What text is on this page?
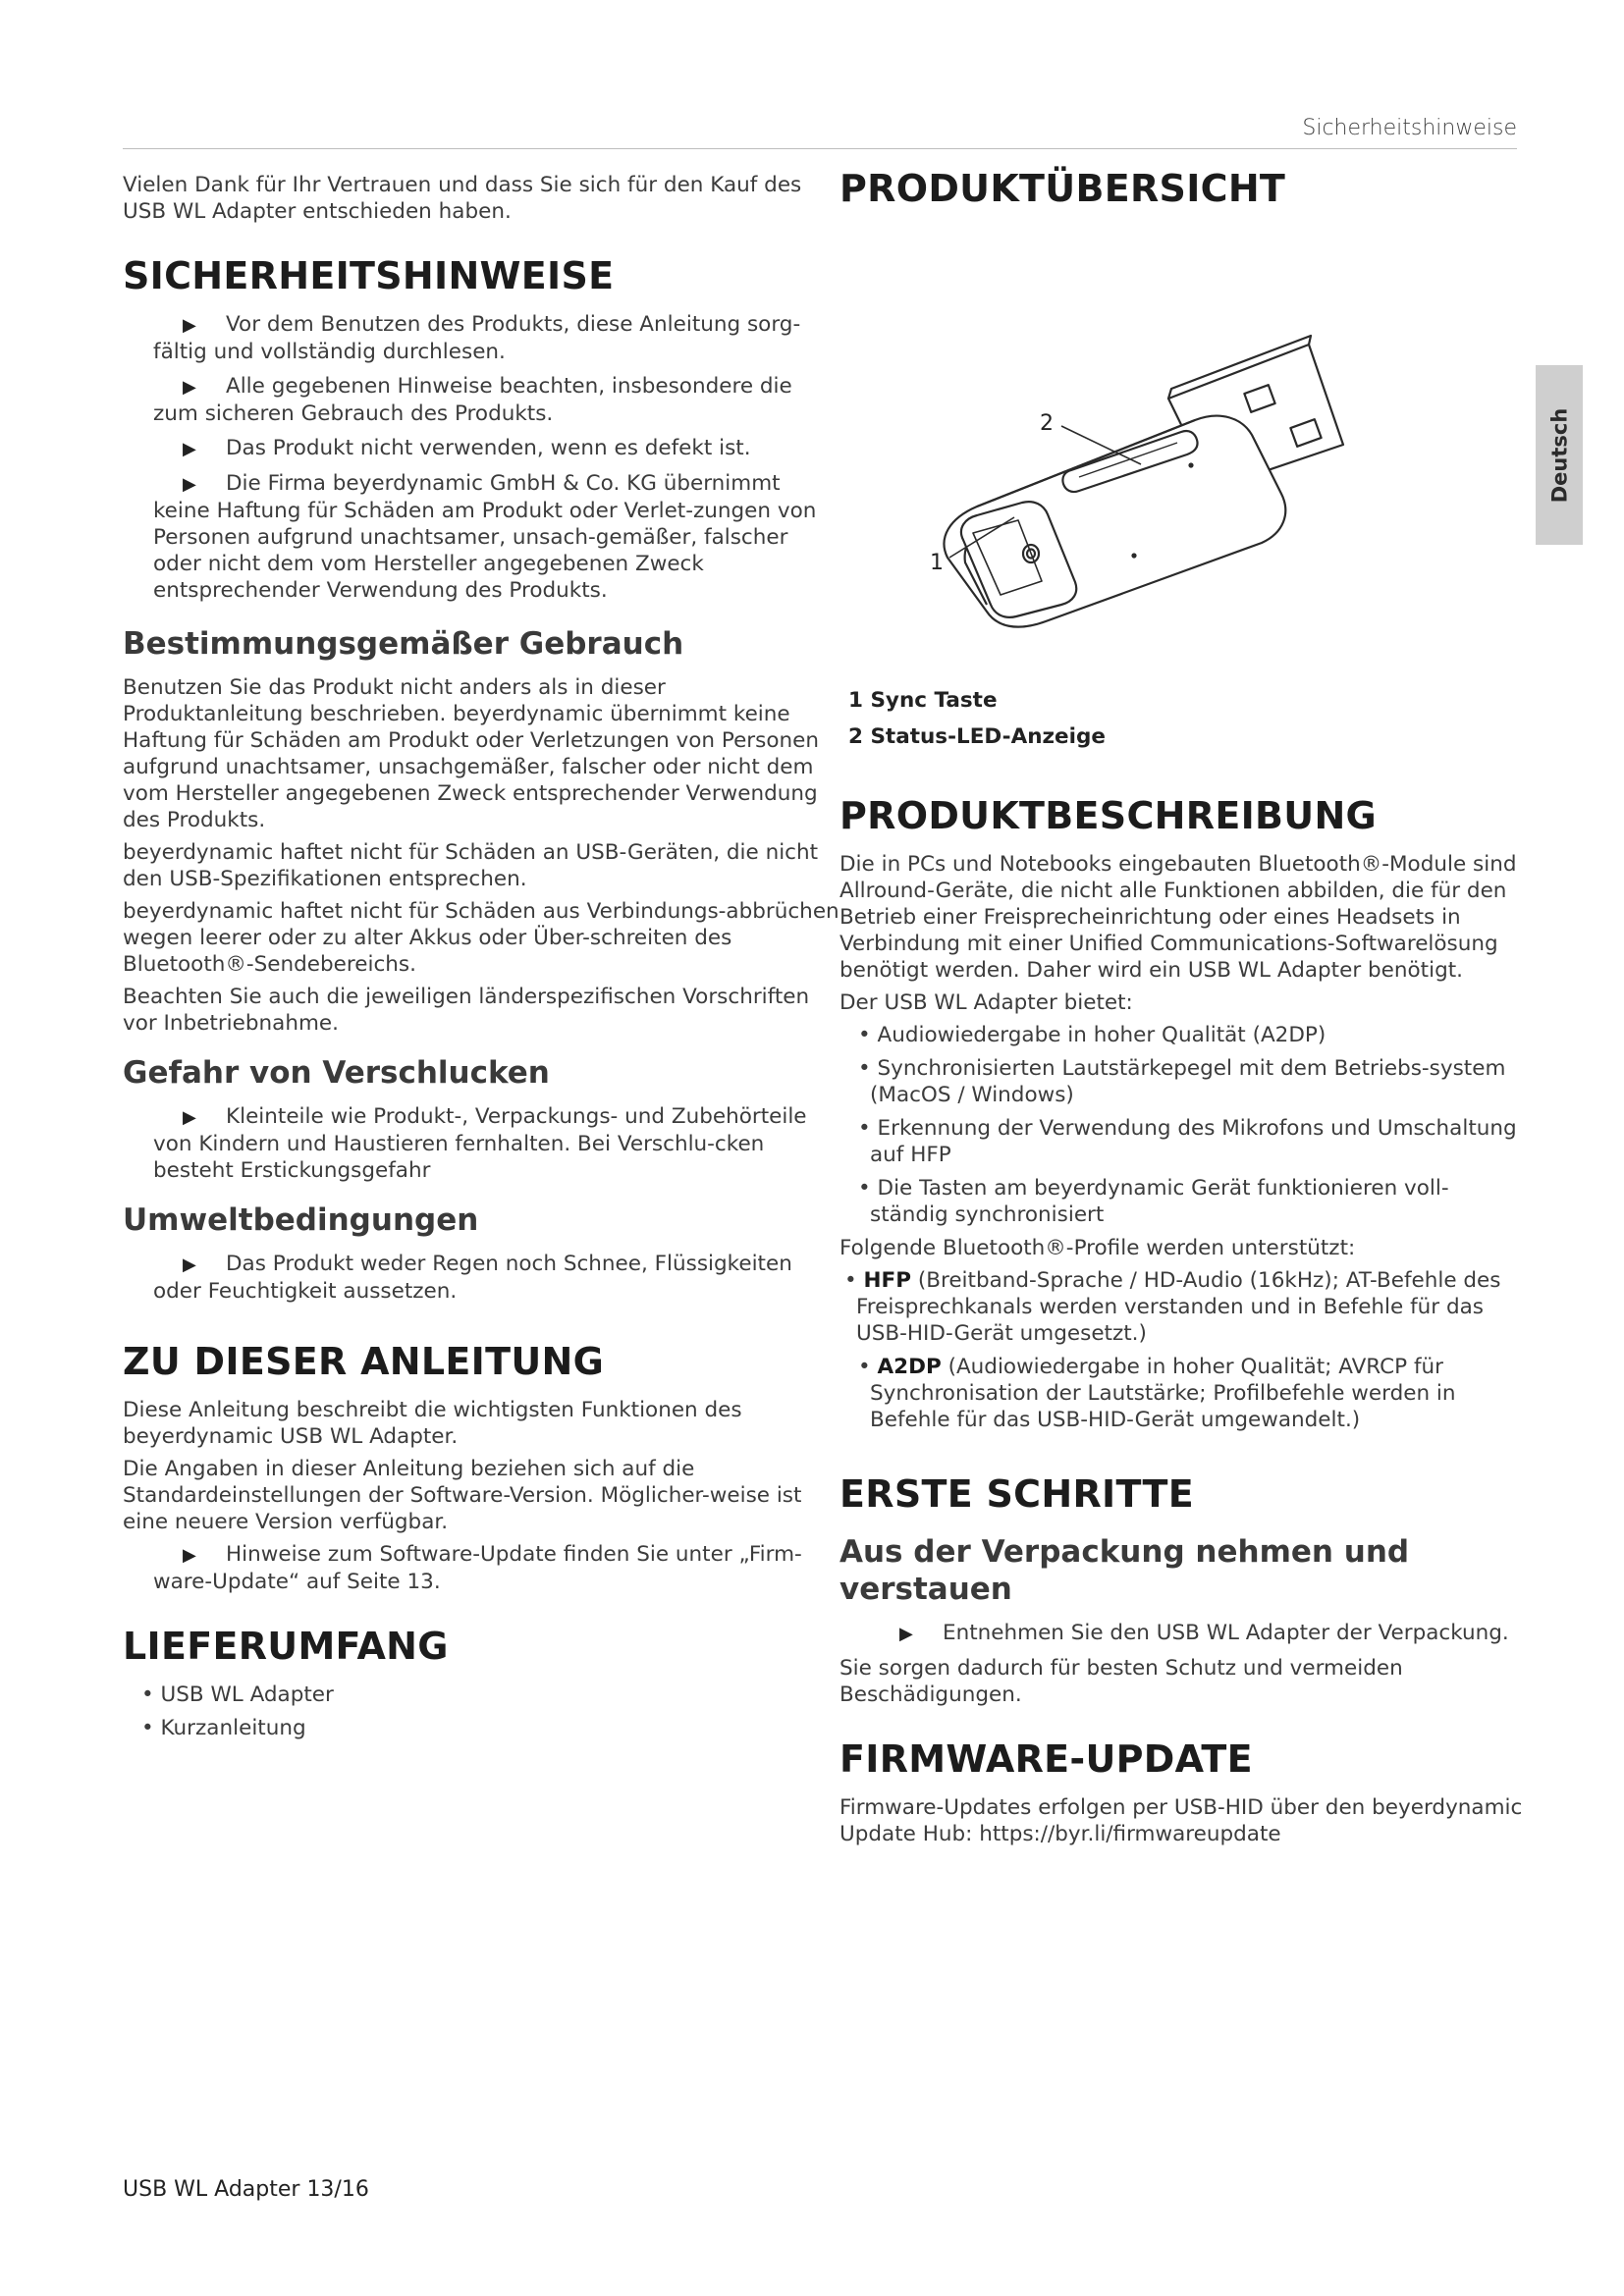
Sicherheitshinweise
Deutsch

Vielen Dank für Ihr Vertrauen und dass Sie sich für den Kauf des USB WL Adapter entschieden haben.

SICHERHEITSHINWEISE
▶ Vor dem Benutzen des Produkts, diese Anleitung sorg-fältig und vollständig durchlesen.
▶ Alle gegebenen Hinweise beachten, insbesondere die zum sicheren Gebrauch des Produkts.
▶ Das Produkt nicht verwenden, wenn es defekt ist.
▶ Die Firma beyerdynamic GmbH & Co. KG übernimmt keine Haftung für Schäden am Produkt oder Verlet-zungen von Personen aufgrund unachtsamer, unsach-gemäßer, falscher oder nicht dem vom Hersteller angegebenen Zweck entsprechender Verwendung des Produkts.
Bestimmungsgemäßer Gebrauch

Benutzen Sie das Produkt nicht anders als in dieser Produktanleitung beschrieben. beyerdynamic übernimmt keine Haftung für Schäden am Produkt oder Verletzungen von Personen aufgrund unachtsamer, unsachgemäßer, falscher oder nicht dem vom Hersteller angegebenen Zweck entsprechender Verwendung des Produkts.

beyerdynamic haftet nicht für Schäden an USB-Geräten, die nicht den USB-Spezifikationen entsprechen.

beyerdynamic haftet nicht für Schäden aus Verbindungs-abbrüchen wegen leerer oder zu alter Akkus oder Über-schreiten des Bluetooth®-Sendebereichs.

Beachten Sie auch die jeweiligen länderspezifischen Vorschriften vor Inbetriebnahme.

Gefahr von Verschlucken
▶ Kleinteile wie Produkt-, Verpackungs- und Zubehörteile von Kindern und Haustieren fernhalten. Bei Verschlu-cken besteht Erstickungsgefahr
Umweltbedingungen
▶ Das Produkt weder Regen noch Schnee, Flüssigkeiten oder Feuchtigkeit aussetzen.
ZU DIESER ANLEITUNG

Diese Anleitung beschreibt die wichtigsten Funktionen des beyerdynamic USB WL Adapter.

Die Angaben in dieser Anleitung beziehen sich auf die Standardeinstellungen der Software-Version. Möglicher-weise ist eine neuere Version verfügbar.

▶ Hinweise zum Software-Update finden Sie unter „Firm-ware-Update“ auf Seite 13.
LIEFERUMFANG
• USB WL Adapter
• Kurzanleitung
PRODUKTÜBERSICHT
2
1
1 Sync Taste
2 Status-LED-Anzeige
PRODUKTBESCHREIBUNG

Die in PCs und Notebooks eingebauten Bluetooth®-Module sind Allround-Geräte, die nicht alle Funktionen abbilden, die für den Betrieb einer Freisprecheinrichtung oder eines Headsets in Verbindung mit einer Unified Communications-Softwarelösung benötigt werden. Daher wird ein USB WL Adapter benötigt.

Der USB WL Adapter bietet:

• Audiowiedergabe in hoher Qualität (A2DP)
• Synchronisierten Lautstärkepegel mit dem Betriebs-system (MacOS / Windows)
• Erkennung der Verwendung des Mikrofons und Umschaltung auf HFP
• Die Tasten am beyerdynamic Gerät funktionieren voll-ständig synchronisiert

Folgende Bluetooth®-Profile werden unterstützt:

• HFP (Breitband-Sprache / HD-Audio (16kHz); AT-Befehle des Freisprechkanals werden verstanden und in Befehle für das USB-HID-Gerät umgesetzt.)
• A2DP (Audiowiedergabe in hoher Qualität; AVRCP für Synchronisation der Lautstärke; Profilbefehle werden in Befehle für das USB-HID-Gerät umgewandelt.)
ERSTE SCHRITTE
Aus der Verpackung nehmen und verstauen
▶ Entnehmen Sie den USB WL Adapter der Verpackung.

Sie sorgen dadurch für besten Schutz und vermeiden Beschädigungen.

FIRMWARE-UPDATE

Firmware-Updates erfolgen per USB-HID über den beyerdynamic Update Hub: https://byr.li/firmwareupdate

USB WL Adapter 13/16
